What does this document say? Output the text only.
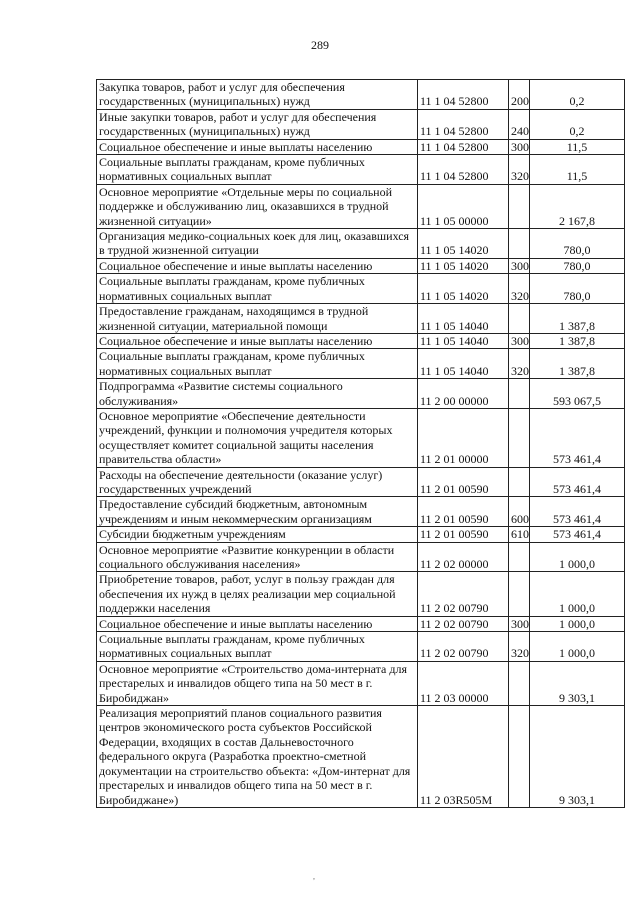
289
Закупка товаров, работ и услуг для обеспечения государственных (муниципальных) нужд	11 1 04 52800	200	0,2
Иные закупки товаров, работ и услуг для обеспечения государственных (муниципальных) нужд	11 1 04 52800	240	0,2
Социальное обеспечение и иные выплаты населению	11 1 04 52800	300	11,5
Социальные выплаты гражданам, кроме публичных нормативных социальных выплат	11 1 04 52800	320	11,5
Основное мероприятие «Отдельные меры по социальной поддержке и обслуживанию лиц, оказавшихся в трудной жизненной ситуации»	11 1 05 00000		2 167,8
Организация медико-социальных коек для лиц, оказавшихся в трудной жизненной ситуации	11 1 05 14020		780,0
Социальное обеспечение и иные выплаты населению	11 1 05 14020	300	780,0
Социальные выплаты гражданам, кроме публичных нормативных социальных выплат	11 1 05 14020	320	780,0
Предоставление гражданам, находящимся в трудной жизненной ситуации, материальной помощи	11 1 05 14040		1 387,8
Социальное обеспечение и иные выплаты населению	11 1 05 14040	300	1 387,8
Социальные выплаты гражданам, кроме публичных нормативных социальных выплат	11 1 05 14040	320	1 387,8
Подпрограмма «Развитие системы социального обслуживания»	11 2 00 00000		593 067,5
Основное мероприятие «Обеспечение деятельности учреждений, функции и полномочия учредителя которых осуществляет комитет социальной защиты населения правительства области»	11 2 01 00000		573 461,4
Расходы на обеспечение деятельности (оказание услуг) государственных учреждений	11 2 01 00590		573 461,4
Предоставление субсидий бюджетным, автономным учреждениям и иным некоммерческим организациям	11 2 01 00590	600	573 461,4
Субсидии бюджетным учреждениям	11 2 01 00590	610	573 461,4
Основное мероприятие «Развитие конкуренции в области социального обслуживания населения»	11 2 02 00000		1 000,0
Приобретение товаров, работ, услуг в пользу граждан для обеспечения их нужд в целях реализации мер социальной поддержки населения	11 2 02 00790		1 000,0
Социальное обеспечение и иные выплаты населению	11 2 02 00790	300	1 000,0
Социальные выплаты гражданам, кроме публичных нормативных социальных выплат	11 2 02 00790	320	1 000,0
Основное мероприятие «Строительство дома-интерната для престарелых и инвалидов общего типа на 50 мест в г. Биробиджан»	11 2 03 00000		9 303,1
Реализация мероприятий планов социального развития центров экономического роста субъектов Российской Федерации, входящих в состав Дальневосточного федерального округа (Разработка проектно-сметной документации на строительство объекта: «Дом-интернат для престарелых и инвалидов общего типа на 50 мест в г. Биробиджане»)	11 2 03R505M		9 303,1
,
